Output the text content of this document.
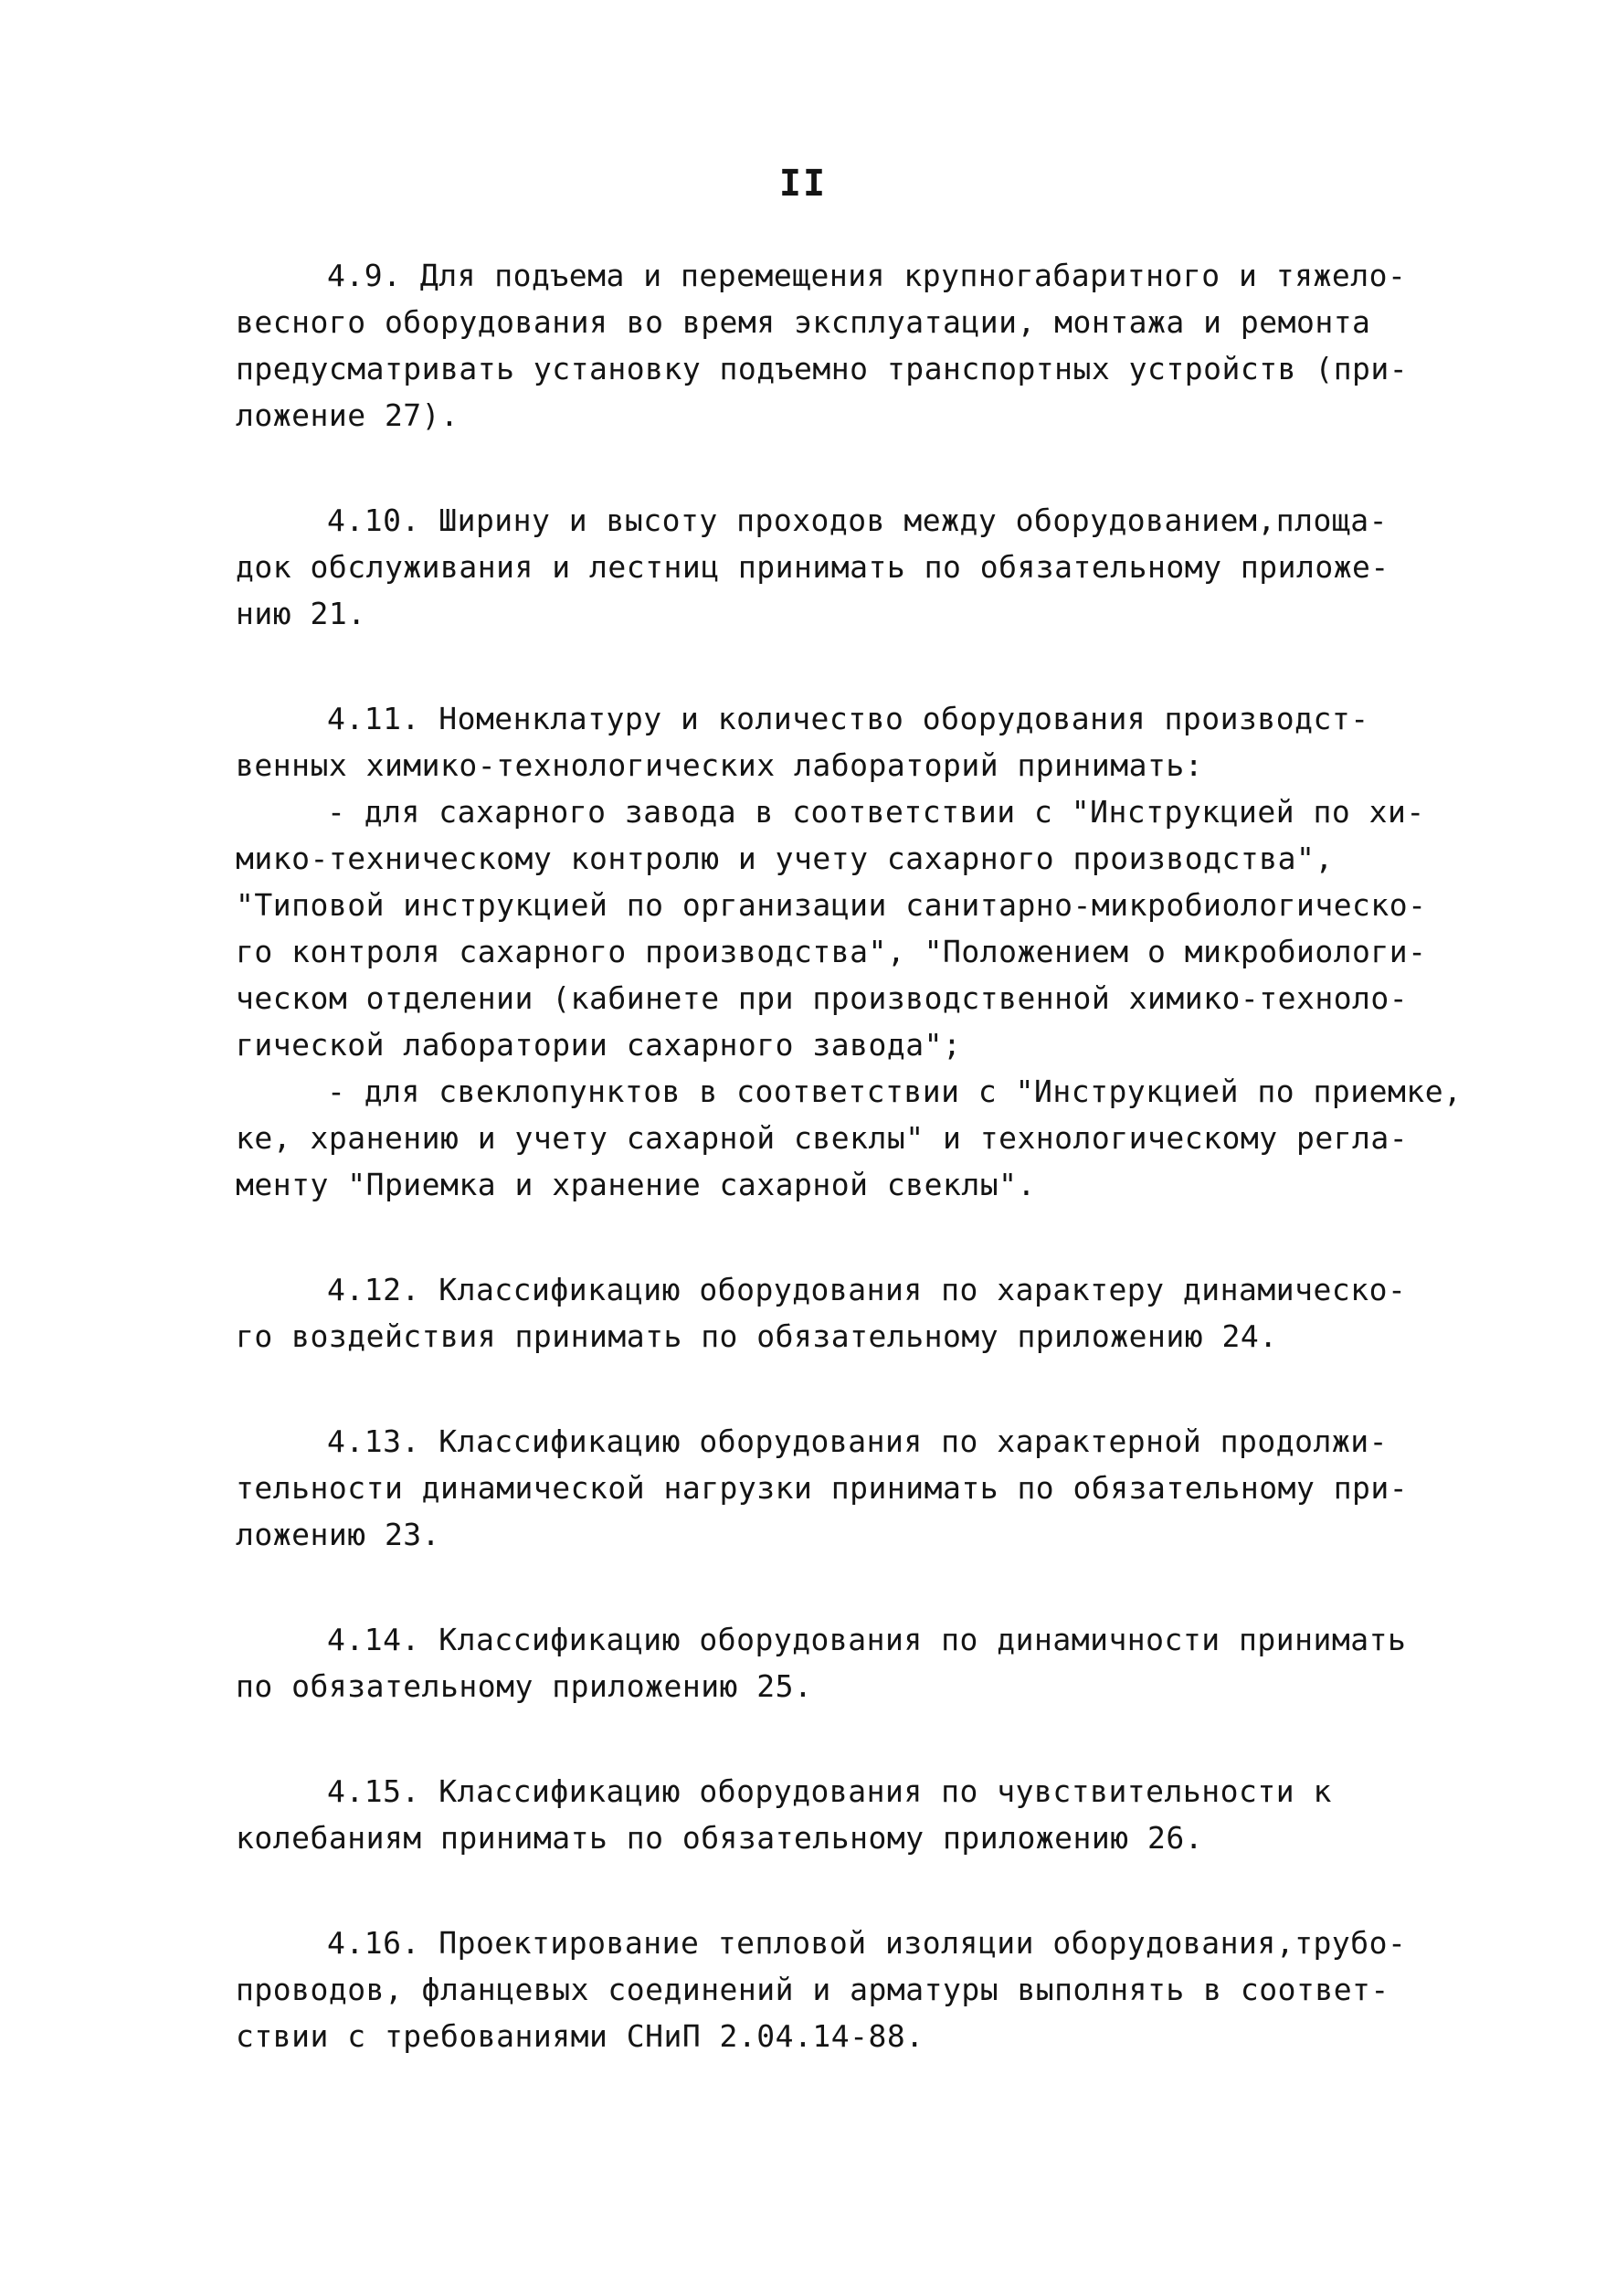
II
4.9. Для подъема и перемещения крупногабаритного и тяжело-
весного оборудования во время эксплуатации, монтажа и ремонта
предусматривать установку подъемно транспортных устройств (при-
ложение 27).
4.10. Ширину и высоту проходов между оборудованием,площа-
док обслуживания и лестниц принимать по обязательному приложе-
нию 21.
4.11. Номенклатуру и количество оборудования производст-
венных химико-технологических лабораторий принимать:
- для сахарного завода в соответствии с "Инструкцией по хи-
мико-техническому контролю и учету сахарного производства",
"Типовой инструкцией по организации санитарно-микробиологическо-
го контроля сахарного производства", "Положением о микробиологи-
ческом отделении (кабинете при производственной химико-техноло-
гической лаборатории сахарного завода";
- для свеклопунктов в соответствии с "Инструкцией по приемке,
ке, хранению и учету сахарной свеклы" и технологическому регла-
менту "Приемка и хранение сахарной свеклы".
4.12. Классификацию оборудования по характеру динамическо-
го воздействия принимать по обязательному приложению 24.
4.13. Классификацию оборудования по характерной продолжи-
тельности динамической нагрузки принимать по обязательному при-
ложению 23.
4.14. Классификацию оборудования по динамичности принимать
по обязательному приложению 25.
4.15. Классификацию оборудования по чувствительности к
колебаниям принимать по обязательному приложению 26.
4.16. Проектирование тепловой изоляции оборудования,трубо-
проводов, фланцевых соединений и арматуры выполнять в соответ-
ствии с требованиями СНиП 2.04.14-88.
